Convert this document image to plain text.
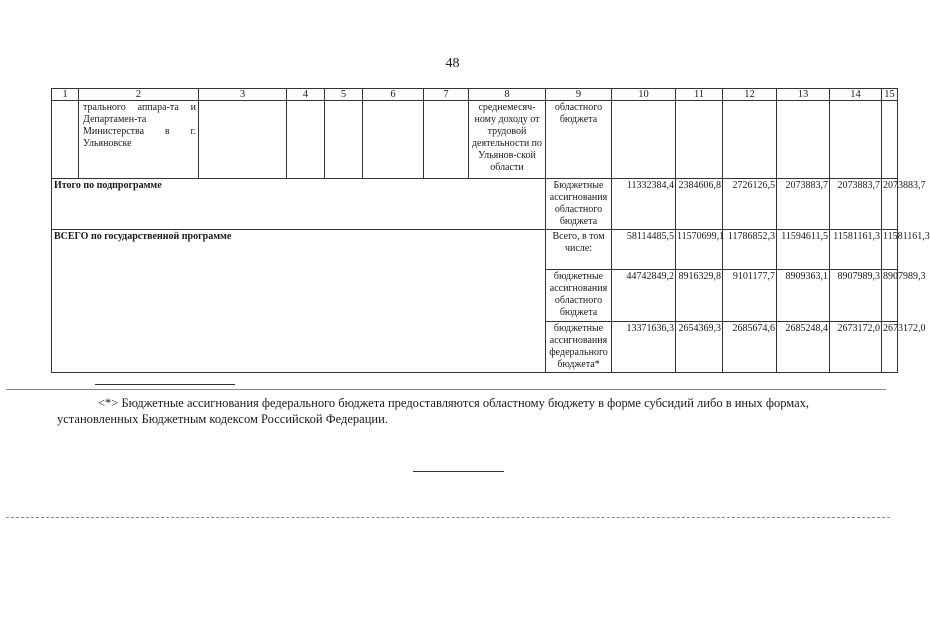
48
1	2	3	4	5	6	7	8	9	10	11	12	13	14	15
	трального аппара-та и Департамен-та Министерства в г. Ульяновске						среднемесяч-ному доходу от трудовой деятельности по Ульянов-ской области	областного бюджета						
Итого по подпрограмме								Бюджетные ассигнования областного бюджета	11332384,4	2384606,8	2726126,5	2073883,7	2073883,7	2073883,7
ВСЕГО по государственной программе								Всего, в том числе:	58114485,5	11570699,1	11786852,3	11594611,5	11581161,3	11581161,3
								бюджетные ассигнования областного бюджета	44742849,2	8916329,8	9101177,7	8909363,1	8907989,3	8907989,3
								бюджетные ассигнования федерального бюджета*	13371636,3	2654369,3	2685674,6	2685248,4	2673172,0	2673172,0
<*> Бюджетные ассигнования федерального бюджета предоставляются областному бюджету в форме субсидий либо в иных формах,
установленных Бюджетным кодексом Российской Федерации.
